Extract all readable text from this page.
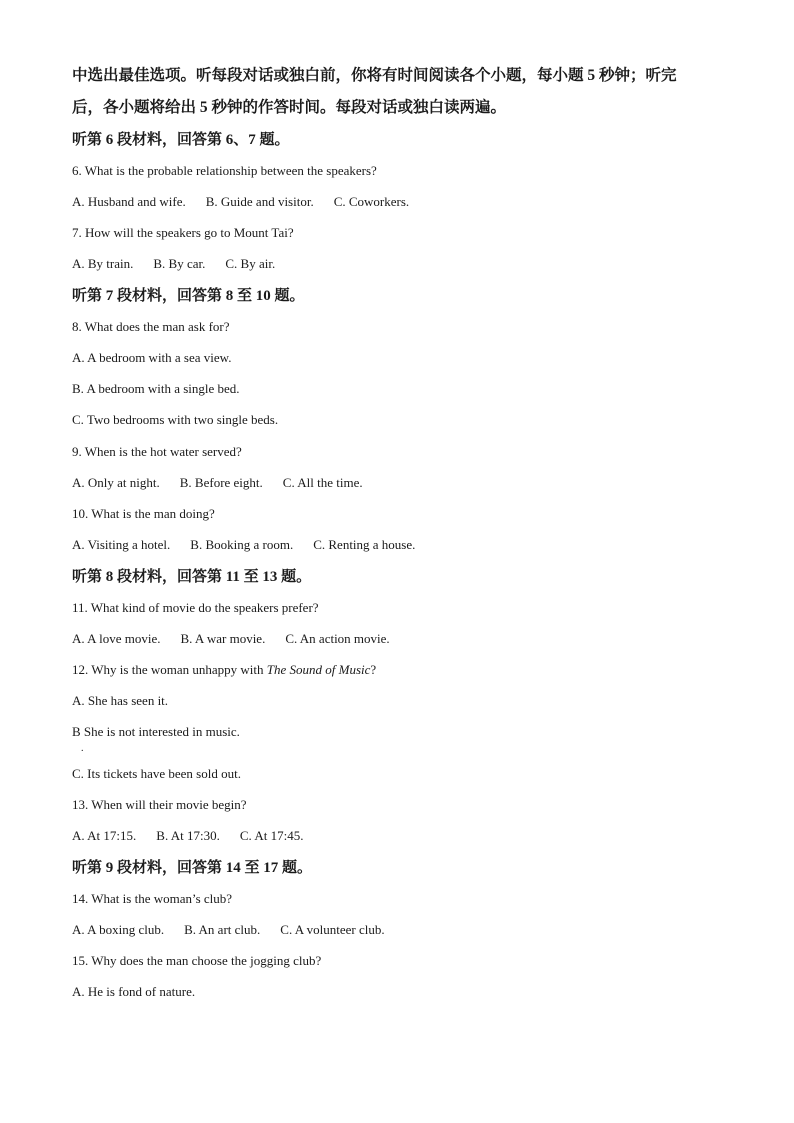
中选出最佳选项。听每段对话或独白前，你将有时间阅读各个小题，每小题 5 秒钟；听完
后，各小题将给出 5 秒钟的作答时间。每段对话或独白读两遍。
听第 6 段材料，回答第 6、7 题。
6. What is the probable relationship between the speakers?
A. Husband and wife. B. Guide and visitor. C. Coworkers.
7. How will the speakers go to Mount Tai?
A. By train. B. By car. C. By air.
听第 7 段材料，回答第 8 至 10 题。
8. What does the man ask for?
A. A bedroom with a sea view.
B. A bedroom with a single bed.
C. Two bedrooms with two single beds.
9. When is the hot water served?
A. Only at night. B. Before eight. C. All the time.
10. What is the man doing?
A. Visiting a hotel. B. Booking a room. C. Renting a house.
听第 8 段材料，回答第 11 至 13 题。
11. What kind of movie do the speakers prefer?
A. A love movie. B. A war movie. C. An action movie.
12. Why is the woman unhappy with The Sound of Music?
A. She has seen it.
B She is not interested in music.
.
C. Its tickets have been sold out.
13. When will their movie begin?
A. At 17:15. B. At 17:30. C. At 17:45.
听第 9 段材料，回答第 14 至 17 题。
14. What is the woman’s club?
A. A boxing club. B. An art club. C. A volunteer club.
15. Why does the man choose the jogging club?
A. He is fond of nature.
